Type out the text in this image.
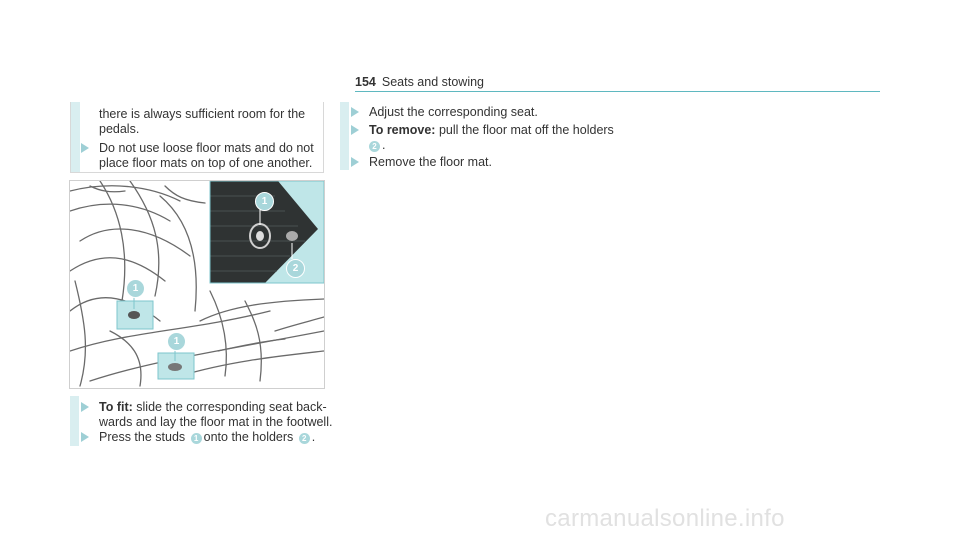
154 Seats and stowing
there is always sufficient room for the
pedals.
Do not use loose floor mats and do not
place floor mats on top of one another.
1
2
1
1
To fit: slide the corresponding seat back-
wards and lay the floor mat in the footwell.
Press the studs 1 onto the holders 2 .
Adjust the corresponding seat.
To remove: pull the floor mat off the holders
2 .
Remove the floor mat.
carmanualsonline.info
